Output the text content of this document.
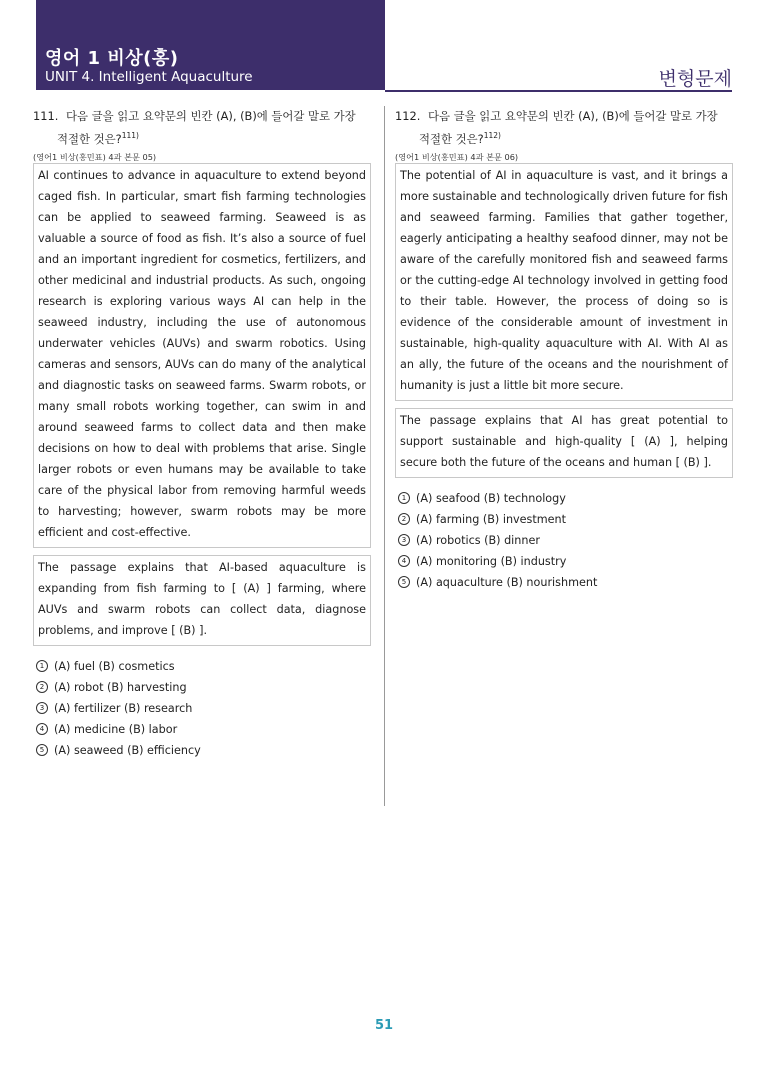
영어 1 비상(홍)
UNIT 4. Intelligent Aquaculture	변형문제
111. 다음 글을 읽고 요약문의 빈칸 (A), (B)에 들어갈 말로 가장
적절한 것은?$^{111)}$
(영어1 비상(홍민표) 4과 본문 05)
AI continues to advance in aquaculture to extend beyond caged fish. In particular, smart fish farming technologies can be applied to seaweed farming. Seaweed is as valuable a source of food as fish. It’s also a source of fuel and an important ingredient for cosmetics, fertilizers, and other medicinal and industrial products. As such, ongoing research is exploring various ways AI can help in the seaweed industry, including the use of autonomous underwater vehicles (AUVs) and swarm robotics. Using cameras and sensors, AUVs can do many of the analytical and diagnostic tasks on seaweed farms. Swarm robots, or many small robots working together, can swim in and around seaweed farms to collect data and then make decisions on how to deal with problems that arise. Single larger robots or even humans may be available to take care of the physical labor from removing harmful weeds to harvesting; however, swarm robots may be more efficient and cost-effective.
The passage explains that AI-based aquaculture is expanding from fish farming to [ (A) ] farming, where AUVs and swarm robots can collect data, diagnose problems, and improve [ (B) ].
1 (A) fuel (B) cosmetics
2 (A) robot (B) harvesting
3 (A) fertilizer (B) research
4 (A) medicine (B) labor
5 (A) seaweed (B) efficiency
112. 다음 글을 읽고 요약문의 빈칸 (A), (B)에 들어갈 말로 가장
적절한 것은?$^{112)}$
(영어1 비상(홍민표) 4과 본문 06)
The potential of AI in aquaculture is vast, and it brings a more sustainable and technologically driven future for fish and seaweed farming. Families that gather together, eagerly anticipating a healthy seafood dinner, may not be aware of the carefully monitored fish and seaweed farms or the cutting-edge AI technology involved in getting food to their table. However, the process of doing so is evidence of the considerable amount of investment in sustainable, high-quality aquaculture with AI. With AI as an ally, the future of the oceans and the nourishment of humanity is just a little bit more secure.
The passage explains that AI has great potential to support sustainable and high-quality [ (A) ], helping secure both the future of the oceans and human [ (B) ].
1 (A) seafood (B) technology
2 (A) farming (B) investment
3 (A) robotics (B) dinner
4 (A) monitoring (B) industry
5 (A) aquaculture (B) nourishment
51
